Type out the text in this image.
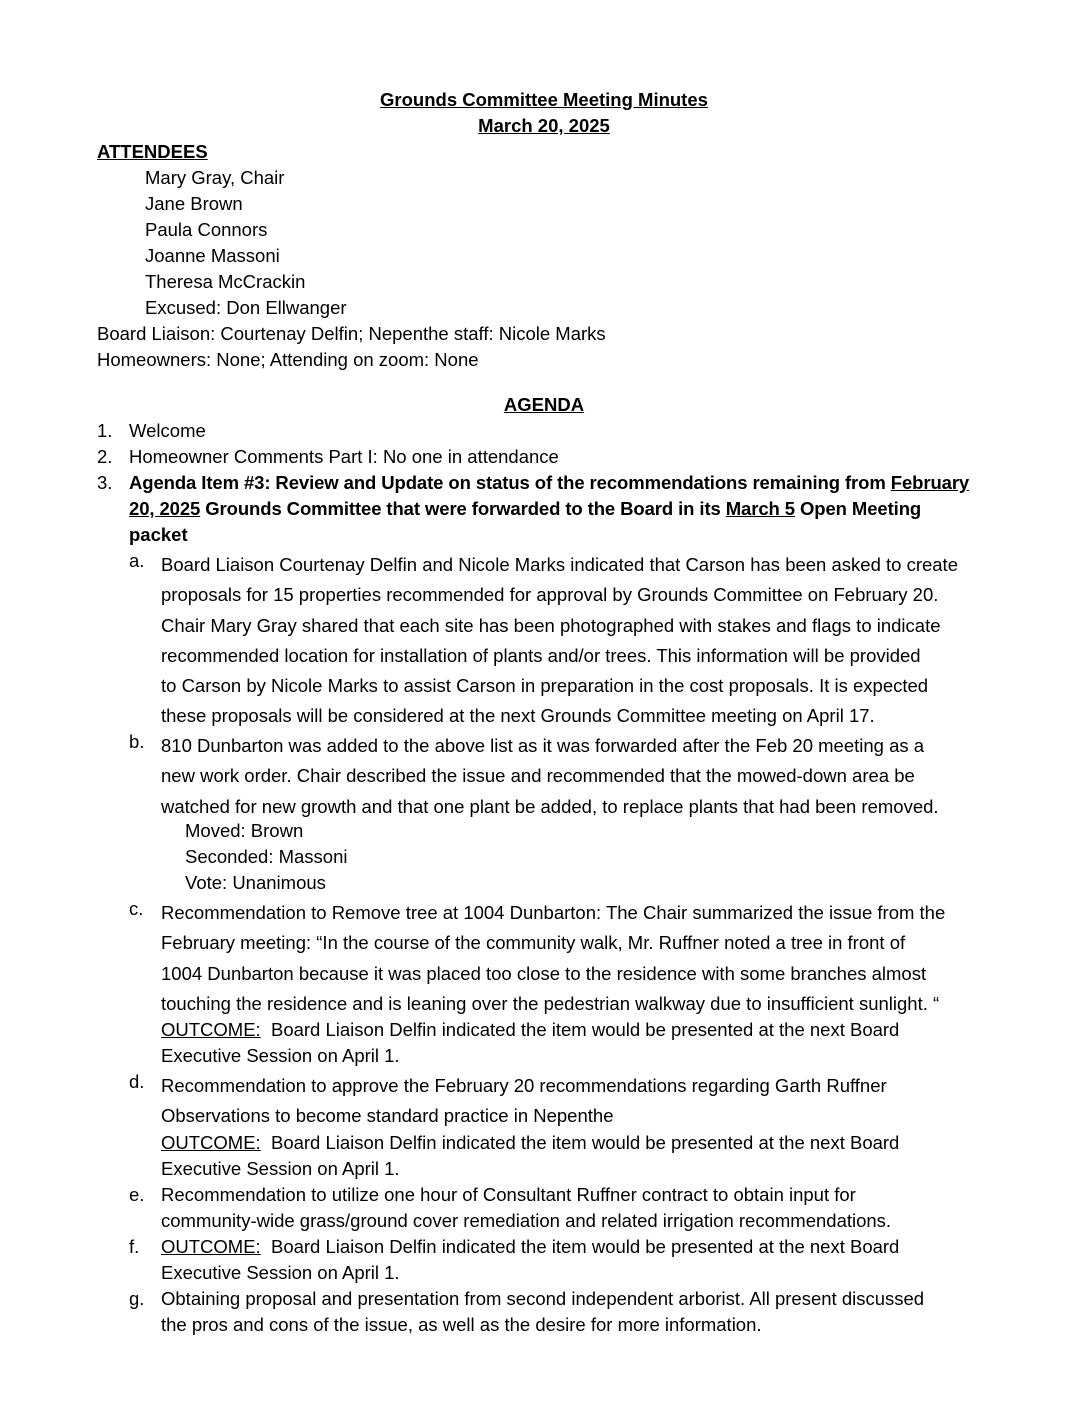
Grounds Committee Meeting Minutes
March 20, 2025
ATTENDEES
Mary Gray, Chair
Jane Brown
Paula Connors
Joanne Massoni
Theresa McCrackin
Excused: Don Ellwanger
Board Liaison: Courtenay Delfin; Nepenthe staff: Nicole Marks
Homeowners: None; Attending on zoom: None
AGENDA
1. Welcome
2. Homeowner Comments Part I: No one in attendance
3. Agenda Item #3: Review and Update on status of the recommendations remaining from February
20, 2025 Grounds Committee that were forwarded to the Board in its March 5 Open Meeting
packet
a. Board Liaison Courtenay Delfin and Nicole Marks indicated that Carson has been asked to create
proposals for 15 properties recommended for approval by Grounds Committee on February 20.
Chair Mary Gray shared that each site has been photographed with stakes and flags to indicate
recommended location for installation of plants and/or trees. This information will be provided
to Carson by Nicole Marks to assist Carson in preparation in the cost proposals. It is expected
these proposals will be considered at the next Grounds Committee meeting on April 17.
b. 810 Dunbarton was added to the above list as it was forwarded after the Feb 20 meeting as a
new work order. Chair described the issue and recommended that the mowed-down area be
watched for new growth and that one plant be added, to replace plants that had been removed.
Moved: Brown
Seconded: Massoni
Vote: Unanimous
c. Recommendation to Remove tree at 1004 Dunbarton: The Chair summarized the issue from the
February meeting: “In the course of the community walk, Mr. Ruffner noted a tree in front of
1004 Dunbarton because it was placed too close to the residence with some branches almost
touching the residence and is leaning over the pedestrian walkway due to insufficient sunlight. “
OUTCOME:  Board Liaison Delfin indicated the item would be presented at the next Board
Executive Session on April 1.
d. Recommendation to approve the February 20 recommendations regarding Garth Ruffner
Observations to become standard practice in Nepenthe
OUTCOME:  Board Liaison Delfin indicated the item would be presented at the next Board
Executive Session on April 1.
e. Recommendation to utilize one hour of Consultant Ruffner contract to obtain input for
community-wide grass/ground cover remediation and related irrigation recommendations.
f. OUTCOME:  Board Liaison Delfin indicated the item would be presented at the next Board
Executive Session on April 1.
g. Obtaining proposal and presentation from second independent arborist. All present discussed
the pros and cons of the issue, as well as the desire for more information.
